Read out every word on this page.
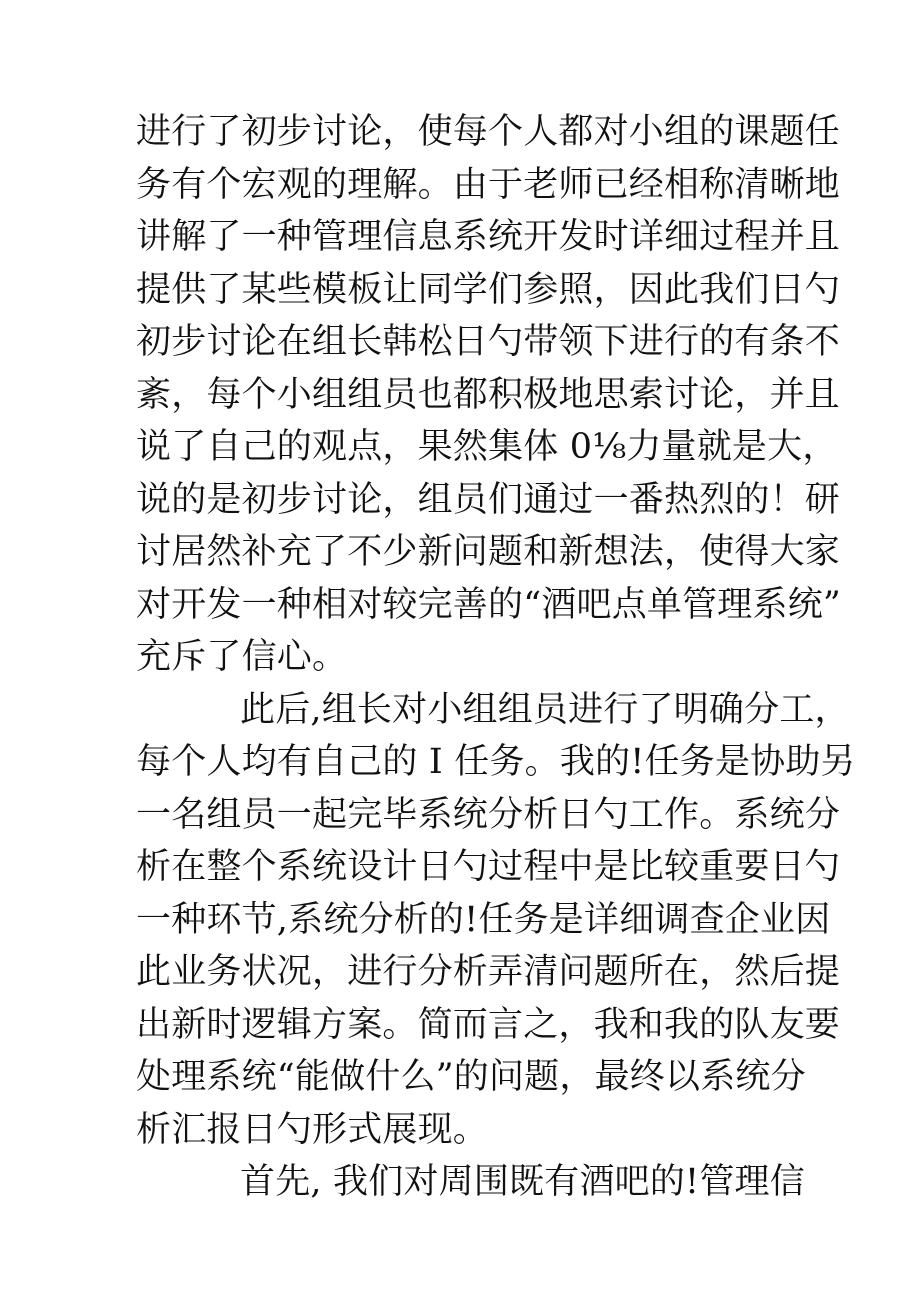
进行了初步讨论，使每个人都对小组的课题任
务有个宏观的理解。由于老师已经相称清晰地
讲解了一种管理信息系统开发时详细过程并且
提供了某些模板让同学们参照，因此我们日勺
初步讨论在组长韩松日勺带领下进行的有条不
紊，每个小组组员也都积极地思索讨论，并且
说了自己的观点，果然集体 0⅛力量就是大，
说的是初步讨论，组员们通过一番热烈的！研
讨居然补充了不少新问题和新想法，使得大家
对开发一种相对较完善的“酒吧点单管理系统”
充斥了信心。
此后,组长对小组组员进行了明确分工，
每个人均有自己的 I 任务。我的!任务是协助另
一名组员一起完毕系统分析日勺工作。系统分
析在整个系统设计日勺过程中是比较重要日勺
一种环节,系统分析的!任务是详细调查企业因
此业务状况，进行分析弄清问题所在，然后提
出新时逻辑方案。简而言之，我和我的队友要
处理系统“能做什么”的问题，最终以系统分
析汇报日勺形式展现。
首先, 我们对周围既有酒吧的!管理信
